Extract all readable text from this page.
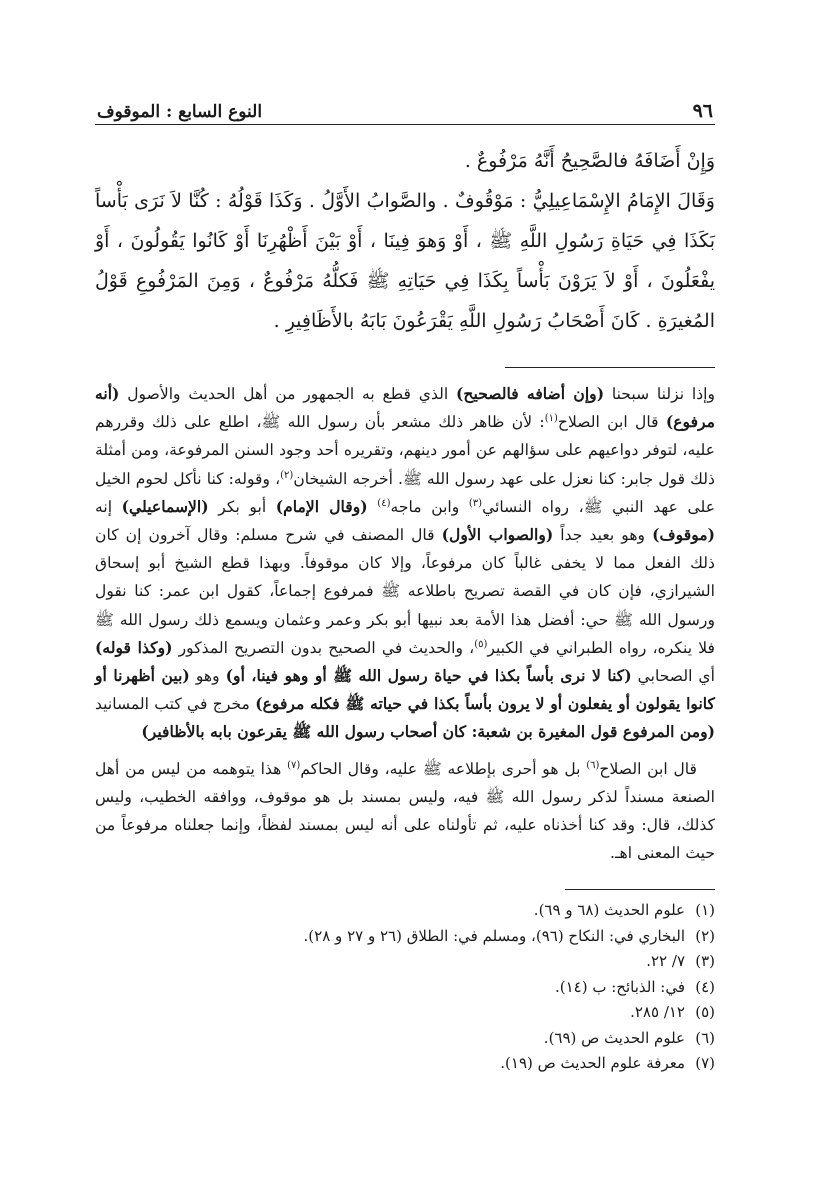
٩٦
النوع السابع : الموقوف

وَإِنْ أَضَافَهُ فالصَّحِيحُ أَنَّهُ مَرْفُوعٌ .

وَقَالَ الإِمَامُ الإِسْمَاعِيلِيُّ : مَوْقُوفٌ . والصَّوابُ الأَوَّلُ . وَكَذَا قَوْلُهُ : كُنَّا لاَ نَرَى بَأْساً بَكَذَا فِي حَيَاةِ رَسُولِ اللَّهِ ﷺ ، أَوْ وَهوَ فِينَا ، أَوْ بَيْنَ أَظْهُرِنَا أَوْ كَانُوا يَقُولُونَ ، أَوْ يفْعَلُونَ ، أَوْ لاَ يَرَوْنَ بَأْساً بِكَذَا فِي حَيَاتِهِ ﷺ فَكلُّهُ مَرْفُوعٌ ، وَمِنَ المَرْفُوعِ قَوْلُ المُغيرَةِ . كَانَ أَصْحَابُ رَسُولِ اللَّهِ يَقْرَعُونَ بَابَهُ بالأَظَافِيرِ .

وإذا نزلنا سبحنا (وإن أضافه فالصحيح) الذي قطع به الجمهور من أهل الحديث والأصول (أنه مرفوع) قال ابن الصلاح$^{(١)}$: لأن ظاهر ذلك مشعر بأن رسول الله ﷺ، اطلع على ذلك وقررهم عليه، لتوفر دواعيهم على سؤالهم عن أمور دينهم، وتقريره أحد وجود السنن المرفوعة، ومن أمثلة ذلك قول جابر: كنا نعزل على عهد رسول الله ﷺ. أخرجه الشيخان$^{(٢)}$، وقوله: كنا نأكل لحوم الخيل على عهد النبي ﷺ، رواه النسائي$^{(٣)}$ وابن ماجه$^{(٤)}$ (وقال الإمام) أبو بكر (الإسماعيلي) إنه (موقوف) وهو بعيد جداً (والصواب الأول) قال المصنف في شرح مسلم: وقال آخرون إن كان ذلك الفعل مما لا يخفى غالباً كان مرفوعاً، وإلا كان موقوفاً. وبهذا قطع الشيخ أبو إسحاق الشيرازي، فإن كان في القصة تصريح باطلاعه ﷺ فمرفوع إجماعاً، كقول ابن عمر: كنا نقول ورسول الله ﷺ حي: أفضل هذا الأمة بعد نبيها أبو بكر وعمر وعثمان ويسمع ذلك رسول الله ﷺ فلا ينكره، رواه الطبراني في الكبير$^{(٥)}$، والحديث في الصحيح بدون التصريح المذكور (وكذا قوله) أي الصحابي (كنا لا نرى بأساً بكذا في حياة رسول الله ﷺ أو وهو فينا، أو) وهو (بين أظهرنا أو كانوا يقولون أو يفعلون أو لا يرون بأساً بكذا في حياته ﷺ فكله مرفوع) مخرج في كتب المسانيد (ومن المرفوع قول المغيرة بن شعبة: كان أصحاب رسول الله ﷺ يقرعون بابه بالأظافير)

قال ابن الصلاح$^{(٦)}$ بل هو أحرى بإطلاعه ﷺ عليه، وقال الحاكم$^{(٧)}$ هذا يتوهمه من ليس من أهل الصنعة مسنداً لذكر رسول الله ﷺ فيه، وليس بمسند بل هو موقوف، ووافقه الخطيب، وليس كذلك، قال: وقد كنا أخذناه عليه، ثم تأولناه على أنه ليس بمسند لفظاً، وإنما جعلناه مرفوعاً من حيث المعنى اهـ.

(١)
علوم الحديث (٦٨ و ٦٩).
(٢)
البخاري في: النكاح (٩٦)، ومسلم في: الطلاق (٢٦ و ٢٧ و ٢٨).
(٣)
٧/ ٢٢.
(٤)
في: الذبائح: ب (١٤).
(٥)
١٢/ ٢٨٥.
(٦)
علوم الحديث ص (٦٩).
(٧)
معرفة علوم الحديث ص (١٩).
